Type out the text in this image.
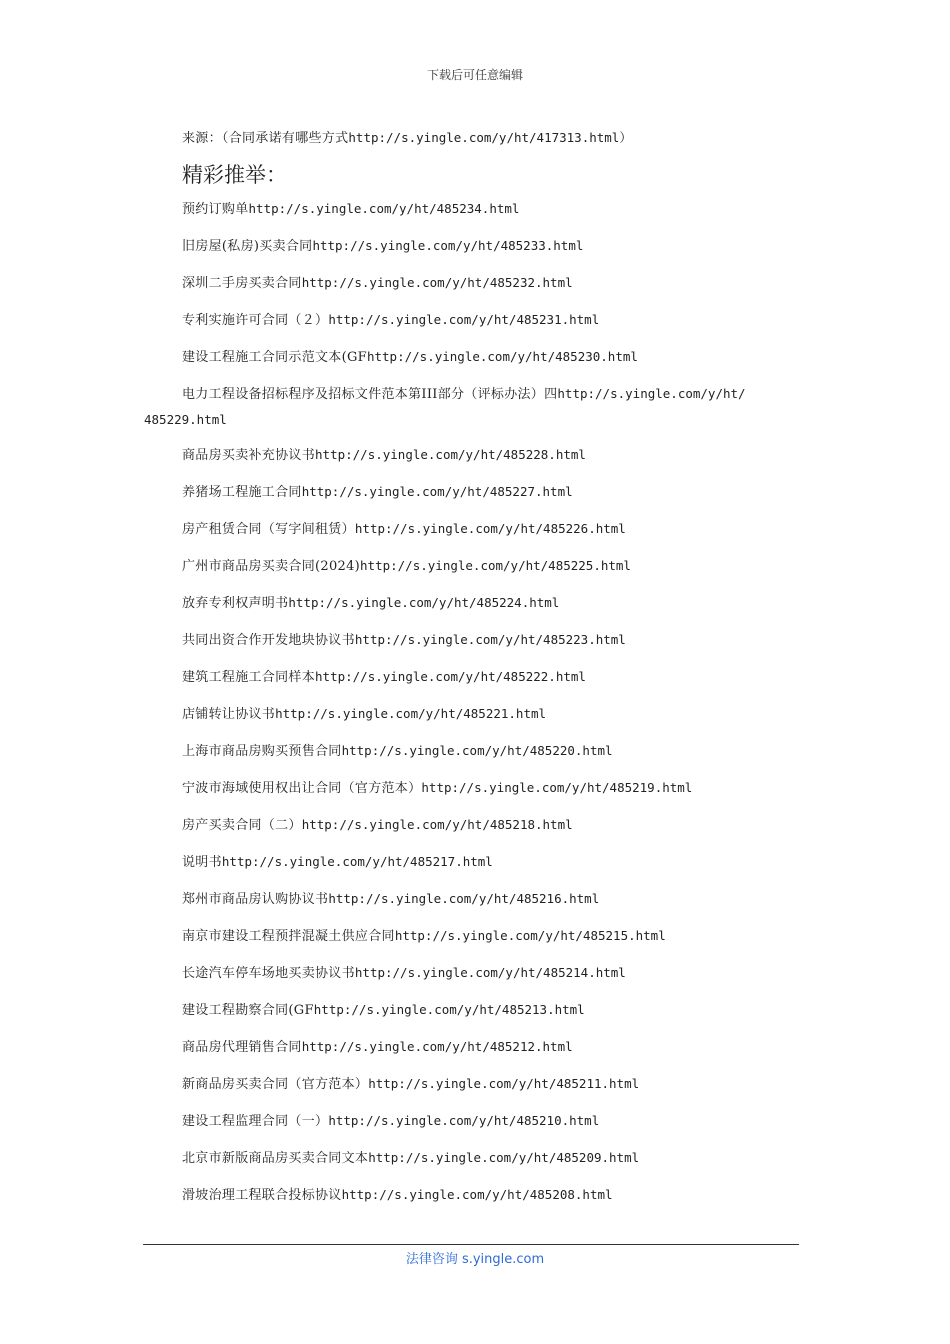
下载后可任意编辑
来源：（合同承诺有哪些方式http://s.yingle.com/y/ht/417313.html）
精彩推举：
预约订购单http://s.yingle.com/y/ht/485234.html
旧房屋(私房)买卖合同http://s.yingle.com/y/ht/485233.html
深圳二手房买卖合同http://s.yingle.com/y/ht/485232.html
专利实施许可合同（２）http://s.yingle.com/y/ht/485231.html
建设工程施工合同示范文本(GFhttp://s.yingle.com/y/ht/485230.html
电力工程设备招标程序及招标文件范本第III部分（评标办法）四http://s.yingle.com/y/ht/
485229.html
商品房买卖补充协议书http://s.yingle.com/y/ht/485228.html
养猪场工程施工合同http://s.yingle.com/y/ht/485227.html
房产租赁合同（写字间租赁）http://s.yingle.com/y/ht/485226.html
广州市商品房买卖合同(2024)http://s.yingle.com/y/ht/485225.html
放弃专利权声明书http://s.yingle.com/y/ht/485224.html
共同出资合作开发地块协议书http://s.yingle.com/y/ht/485223.html
建筑工程施工合同样本http://s.yingle.com/y/ht/485222.html
店铺转让协议书http://s.yingle.com/y/ht/485221.html
上海市商品房购买预售合同http://s.yingle.com/y/ht/485220.html
宁波市海域使用权出让合同（官方范本）http://s.yingle.com/y/ht/485219.html
房产买卖合同（二）http://s.yingle.com/y/ht/485218.html
说明书http://s.yingle.com/y/ht/485217.html
郑州市商品房认购协议书http://s.yingle.com/y/ht/485216.html
南京市建设工程预拌混凝土供应合同http://s.yingle.com/y/ht/485215.html
长途汽车停车场地买卖协议书http://s.yingle.com/y/ht/485214.html
建设工程勘察合同(GFhttp://s.yingle.com/y/ht/485213.html
商品房代理销售合同http://s.yingle.com/y/ht/485212.html
新商品房买卖合同（官方范本）http://s.yingle.com/y/ht/485211.html
建设工程监理合同（一）http://s.yingle.com/y/ht/485210.html
北京市新版商品房买卖合同文本http://s.yingle.com/y/ht/485209.html
滑坡治理工程联合投标协议http://s.yingle.com/y/ht/485208.html
法律咨询 s.yingle.com
